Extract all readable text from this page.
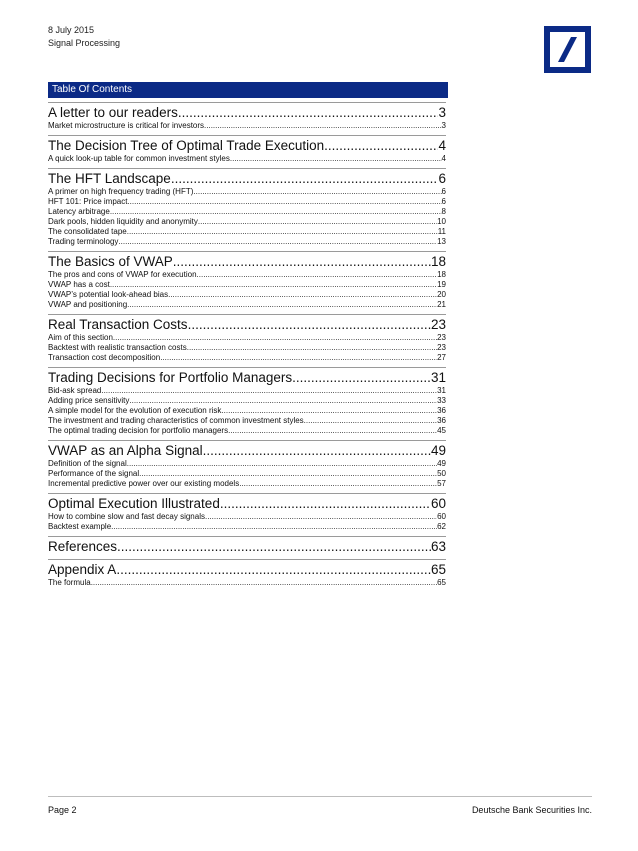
8 July 2015
Signal Processing
Table Of Contents
A letter to our readers .....	3
Market microstructure is critical for investors .....	3
The Decision Tree of Optimal Trade Execution .....	4
A quick look-up table for common investment styles .....	4
The HFT Landscape .....	6
A primer on high frequency trading (HFT) .....	6
HFT 101: Price impact .....	6
Latency arbitrage .....	8
Dark pools, hidden liquidity and anonymity .....	10
The consolidated tape .....	11
Trading terminology .....	13
The Basics of VWAP .....	18
The pros and cons of VWAP for execution .....	18
VWAP has a cost .....	19
VWAP’s potential look-ahead bias .....	20
VWAP and positioning .....	21
Real Transaction Costs .....	23
Aim of this section .....	23
Backtest with realistic transaction costs .....	23
Transaction cost decomposition .....	27
Trading Decisions for Portfolio Managers .....	31
Bid-ask spread .....	31
Adding price sensitivity .....	33
A simple model for the evolution of execution risk .....	36
The investment and trading characteristics of common investment styles .....	36
The optimal trading decision for portfolio managers .....	45
VWAP as an Alpha Signal .....	49
Definition of the signal .....	49
Performance of the signal .....	50
Incremental predictive power over our existing models .....	57
Optimal Execution Illustrated .....	60
How to combine slow and fast decay signals .....	60
Backtest example .....	62
References .....	63
Appendix A .....	65
The formula .....	65
Page 2	Deutsche Bank Securities Inc.
